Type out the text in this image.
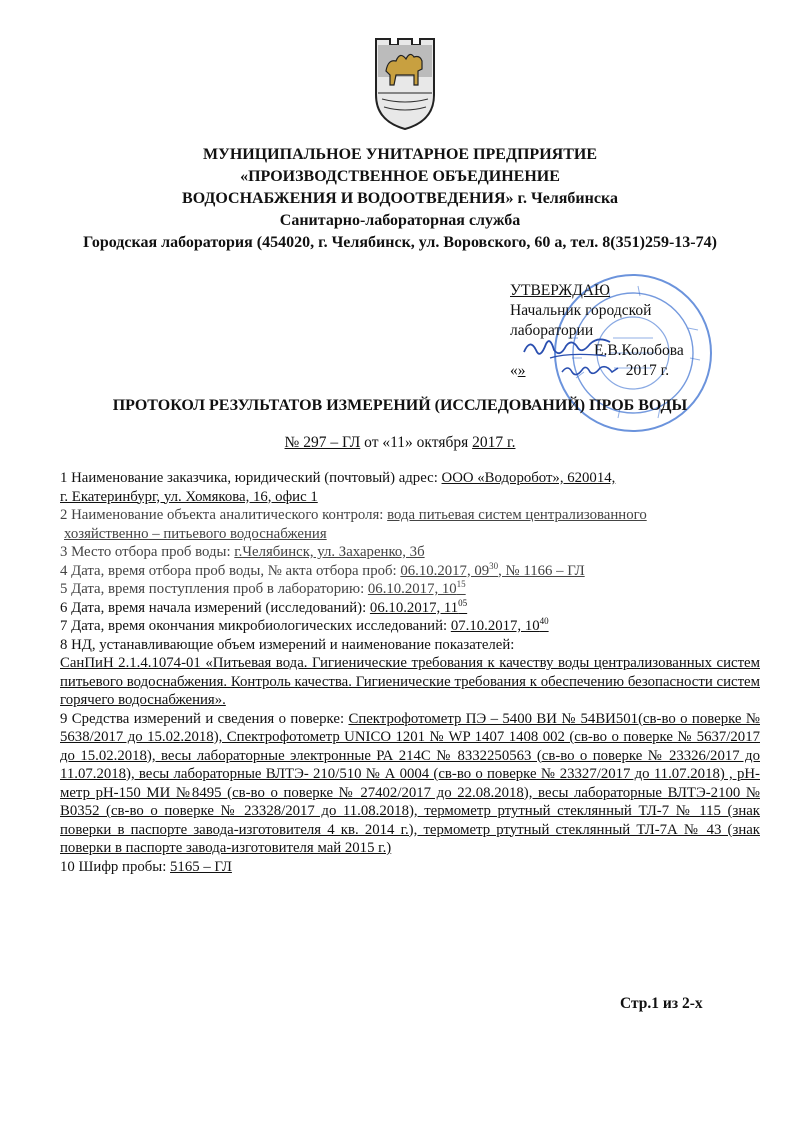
МУНИЦИПАЛЬНОЕ УНИТАРНОЕ ПРЕДПРИЯТИЕ
«ПРОИЗВОДСТВЕННОЕ ОБЪЕДИНЕНИЕ
ВОДОСНАБЖЕНИЯ И ВОДООТВЕДЕНИЯ» г. Челябинска
Санитарно-лабораторная служба
Городская лаборатория (454020, г. Челябинск, ул. Воровского, 60 а, тел. 8(351)259-13-74)
УТВЕРЖДАЮ
Начальник городской
лаборатории
Е.В.Колобова
«»	2017 г.
ПРОТОКОЛ РЕЗУЛЬТАТОВ ИЗМЕРЕНИЙ (ИССЛЕДОВАНИЙ) ПРОБ ВОДЫ
№ 297 – ГЛ от «11» октября 2017 г.
1 Наименование заказчика, юридический (почтовый) адрес: ООО «Водоробот», 620014,
г. Екатеринбург, ул. Хомякова, 16, офис 1
2 Наименование объекта аналитического контроля: вода питьевая систем централизованного
хозяйственно – питьевого водоснабжения
3 Место отбора проб воды: г.Челябинск, ул. Захаренко, 3б
4 Дата, время отбора проб воды, № акта отбора проб: 06.10.2017, $09^{30}$, № 1166 – ГЛ
5 Дата, время поступления проб в лабораторию: 06.10.2017, $10^{15}$
6 Дата, время начала измерений (исследований): 06.10.2017, $11^{05}$
7 Дата, время окончания микробиологических исследований: 07.10.2017, $10^{40}$
8 НД, устанавливающие объем измерений и наименование показателей:
СанПиН 2.1.4.1074-01 «Питьевая вода. Гигиенические требования к качеству воды централизованных систем питьевого водоснабжения. Контроль качества. Гигиенические требования к обеспечению безопасности систем горячего водоснабжения».
9 Средства измерений и сведения о поверке: Спектрофотометр ПЭ – 5400 ВИ № 54ВИ501(св-во о поверке № 5638/2017 до 15.02.2018), Спектрофотометр UNICO 1201 № WP 1407 1408 002 (св-во о поверке № 5637/2017 до 15.02.2018), весы лабораторные электронные РА 214С № 8332250563 (св-во о поверке № 23326/2017 до 11.07.2018), весы лабораторные ВЛТЭ- 210/510 № А 0004 (св-во о поверке № 23327/2017 до 11.07.2018) , рН-метр рН-150 МИ №8495 (св-во о поверке № 27402/2017 до 22.08.2018), весы лабораторные ВЛТЭ-2100 № В0352 (св-во о поверке № 23328/2017 до 11.08.2018), термометр ртутный стеклянный ТЛ-7 № 115 (знак поверки в паспорте завода-изготовителя 4 кв. 2014 г.), термометр ртутный стеклянный ТЛ-7А № 43 (знак поверки в паспорте завода-изготовителя май 2015 г.)
10 Шифр пробы: 5165 – ГЛ
Стр.1 из 2-х
